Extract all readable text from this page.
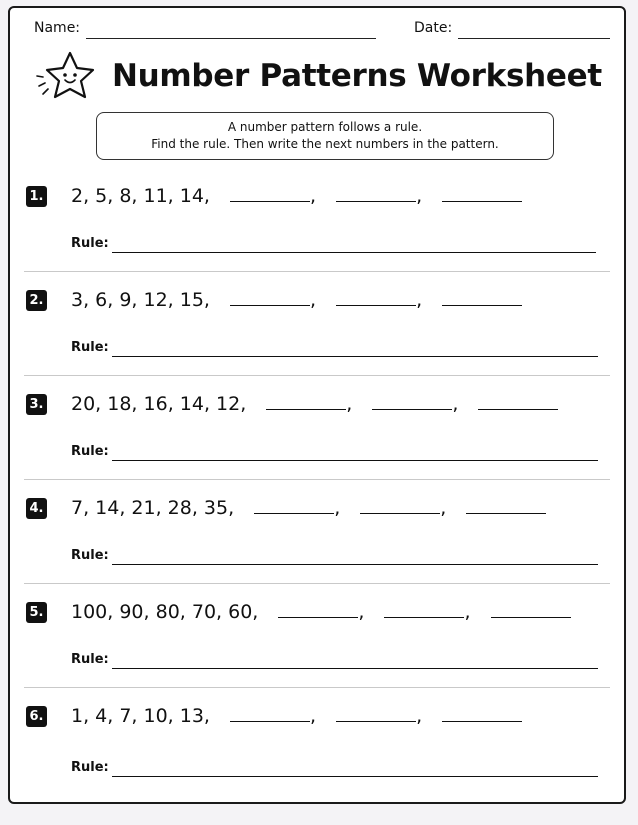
Name:	Date:
Number Patterns Worksheet
A number pattern follows a rule.
Find the rule. Then write the next numbers in the pattern.
1. 2, 5, 8, 11, 14,	,	,
Rule:
2. 3, 6, 9, 12, 15,	,	,
Rule:
3. 20, 18, 16, 14, 12,	,	,
Rule:
4. 7, 14, 21, 28, 35,	,	,
Rule:
5. 100, 90, 80, 70, 60,	,	,
Rule:
6. 1, 4, 7, 10, 13,	,	,
Rule:
